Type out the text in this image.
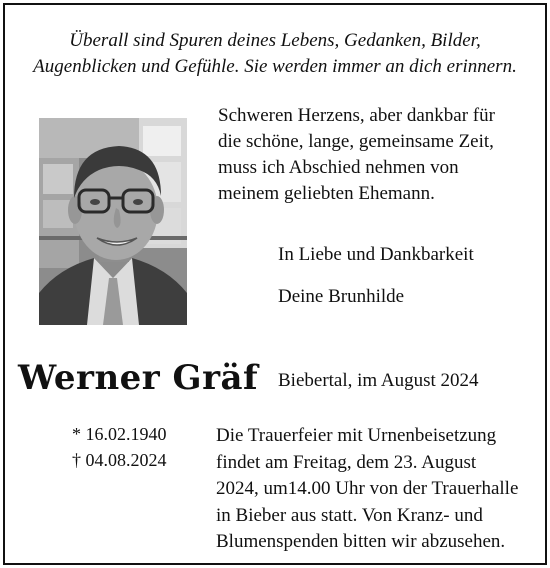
Überall sind Spuren deines Lebens, Gedanken, Bilder,
Augenblicken und Gefühle. Sie werden immer an dich erinnern.
Schweren Herzens, aber dankbar für
die schöne, lange, gemeinsame Zeit,
muss ich Abschied nehmen von
meinem geliebten Ehemann.
In Liebe und Dankbarkeit
Deine Brunhilde
Werner Gräf Biebertal, im August 2024
* 16.02.1940
† 04.08.2024
Die Trauerfeier mit Urnenbeisetzung
findet am Freitag, dem 23. August
2024, um14.00 Uhr von der Trauerhalle
in Bieber aus statt. Von Kranz- und
Blumenspenden bitten wir abzusehen.
